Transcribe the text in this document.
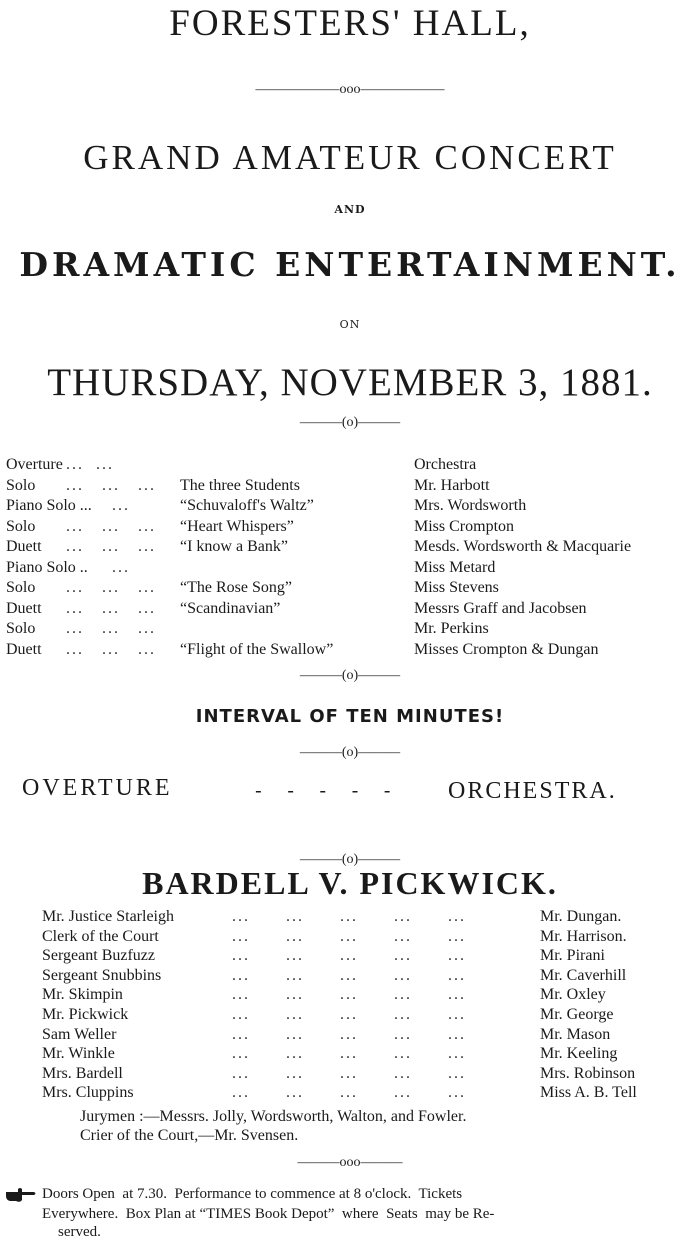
FORESTERS' HALL,
——————ooo——————
GRAND AMATEUR CONCERT
AND
DRAMATIC ENTERTAINMENT.
ON
THURSDAY, NOVEMBER 3, 1881.
———(o)———
Overture ...  ...	Orchestra
Solo ...   ...   ... The three Students	Mr. Harbott
Piano Solo ... ...	“Schuvaloff's Waltz”	Mrs. Wordsworth
Solo ...   ...   ... “Heart Whispers”	Miss Crompton
Duett ...   ...   ... “I know a Bank”	Mesds. Wordsworth & Macquarie
Piano Solo .. ...	Miss Metard
Solo ...   ...   ... “The Rose Song”	Miss Stevens
Duett ...   ...   ... “Scandinavian”	Messrs Graff and Jacobsen
Solo ...   ...   ...	Mr. Perkins
Duett ...   ...   ... “Flight of the Swallow”	Misses Crompton & Dungan
———(o)———
INTERVAL OF TEN MINUTES!
———(o)———
OVERTURE	-    -    -    -    - ORCHESTRA.
———(o)———
BARDELL V. PICKWICK.
Mr. Justice Starleigh	...      ...      ...      ...      ...	Mr. Dungan.
Clerk of the Court	...      ...      ...      ...      ...	Mr. Harrison.
Sergeant Buzfuzz	...      ...      ...      ...      ...	Mr. Pirani
Sergeant Snubbins	...      ...      ...      ...      ...	Mr. Caverhill
Mr. Skimpin	...      ...      ...      ...      ...	Mr. Oxley
Mr. Pickwick	...      ...      ...      ...      ...	Mr. George
Sam Weller	...      ...      ...      ...      ...	Mr. Mason
Mr. Winkle	...      ...      ...      ...      ...	Mr. Keeling
Mrs. Bardell	...      ...      ...      ...      ...	Mrs. Robinson
Mrs. Cluppins	...      ...      ...      ...      ...	Miss A. B. Tell
Jurymen :—Messrs. Jolly, Wordsworth, Walton, and Fowler.
Crier of the Court,—Mr. Svensen.
———ooo———
Doors Open  at 7.30.  Performance to commence at 8 o'clock.  Tickets
Everywhere.  Box Plan at “TIMES Book Depot”  where  Seats  may be Re-
served.
